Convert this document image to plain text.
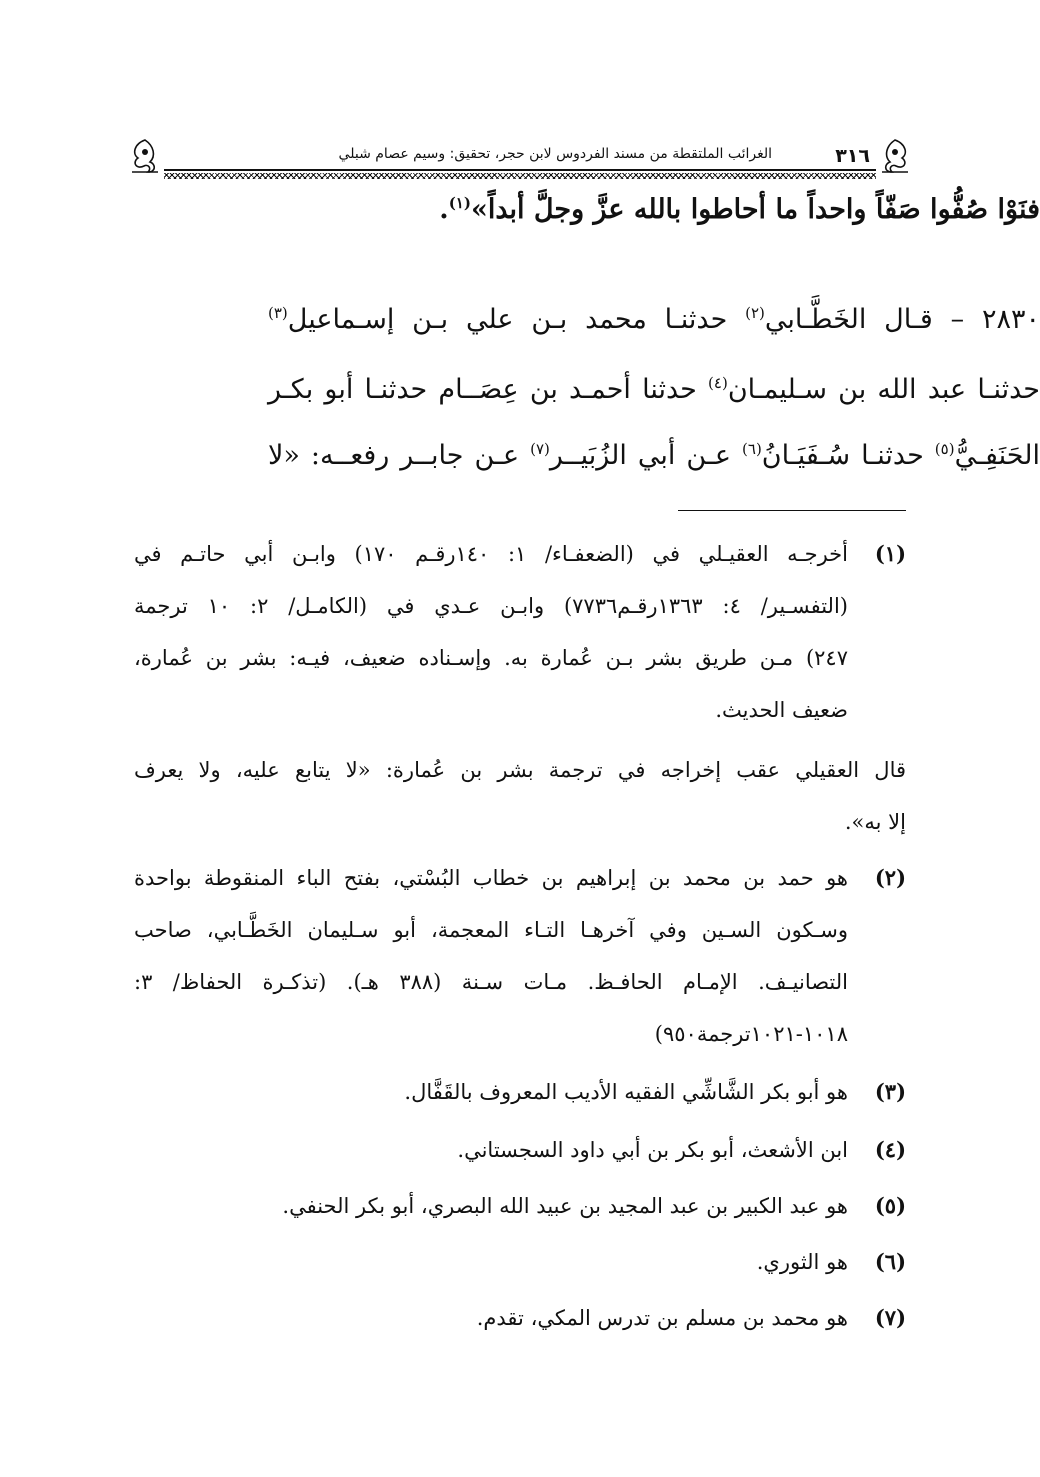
٣١٦
الغرائب الملتقطة من مسند الفردوس لابن حجر، تحقيق: وسيم عصام شبلي
فنَوْا صُفُّوا صَفّاً واحداً ما أحاطوا بالله عزَّ وجلَّ أبداً»$^{(١)}$.
٢٨٣٠ – قـال الخَطَّـابي$^{(٢)}$ حدثنـا محمد بـن علي بـن إسـماعيل$^{(٣)}$
حدثنـا عبد الله بن سـليمـان$^{(٤)}$ حدثنا أحمـد بن عِصَــام حدثنـا أبو بكـر
الحَنَفِـيُّ$^{(٥)}$ حدثنـا سُـفَيَـانُ$^{(٦)}$ عـن أبي الزُبَيــر$^{(٧)}$ عـن جابــر رفعــه: «لا
(١)
أخرجـه العقيـلي في (الضعفـاء/ ١: ١٤٠رقـم ١٧٠) وابـن أبي حاتـم في
(التفسـير/ ٤: ١٣٦٣رقـم٧٧٣٦) وابـن عـدي في (الكامـل/ ٢: ١٠ ترجمة
٢٤٧) مـن طريق بشر بـن عُمارة به. وإسـناده ضعيف، فيـه: بشر بن عُمارة،
ضعيف الحديث.
قال العقيلي عقب إخراجه في ترجمة بشر بن عُمارة: «لا يتابع عليه، ولا يعرف
إلا به».
(٢)
هو حمد بن محمد بن إبراهيم بن خطاب البُسْتي، بفتح الباء المنقوطة بواحدة
وسـكون السـين وفي آخرهـا التـاء المعجمة، أبو سـليمان الخَطَّـابي، صاحب
التصانيـف. الإمـام الحافـظ. مـات سـنة (٣٨٨ هـ). (تذكـرة الحفاظ/ ٣:
١٠١٨-١٠٢١ترجمة٩٥٠)
(٣)
هو أبو بكر الشَّاشِّي الفقيه الأديب المعروف بالقَفَّال.
(٤)
ابن الأشعث، أبو بكر بن أبي داود السجستاني.
(٥)
هو عبد الكبير بن عبد المجيد بن عبيد الله البصري، أبو بكر الحنفي.
(٦)
هو الثوري.
(٧)
هو محمد بن مسلم بن تدرس المكي، تقدم.
